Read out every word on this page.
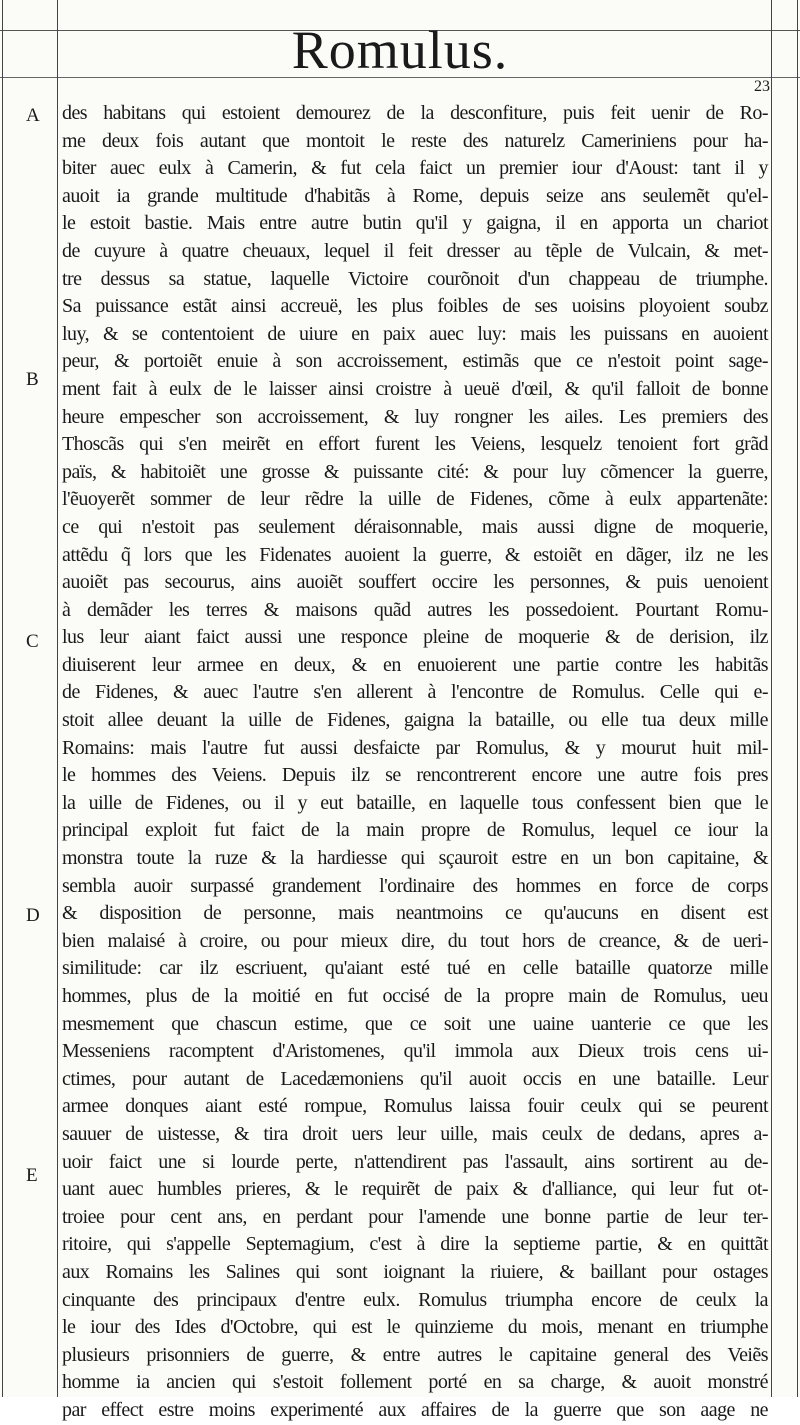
Romulus.
23
A
B
C
D
E
des habitans qui estoient demourez de la desconfiture, puis feit uenir de Ro-
me deux fois autant que montoit le reste des naturelz Cameriniens pour ha-
biter auec eulx à Camerin, & fut cela faict un premier iour d'Aoust: tant il y
auoit ia grande multitude d'habitãs à Rome, depuis seize ans seulemẽt qu'el-
le estoit bastie. Mais entre autre butin qu'il y gaigna, il en apporta un chariot
de cuyure à quatre cheuaux, lequel il feit dresser au tẽple de Vulcain, & met-
tre dessus sa statue, laquelle Victoire courõnoit d'un chappeau de triumphe.
Sa puissance estãt ainsi accreuë, les plus foibles de ses uoisins ployoient soubz
luy, & se contentoient de uiure en paix auec luy: mais les puissans en auoient
peur, & portoiẽt enuie à son accroissement, estimãs que ce n'estoit point sage-
ment fait à eulx de le laisser ainsi croistre à ueuë d'œil, & qu'il falloit de bonne
heure empescher son accroissement, & luy rongner les ailes. Les premiers des
Thoscãs qui s'en meirẽt en effort furent les Veiens, lesquelz tenoient fort grãd
païs, & habitoiẽt une grosse & puissante cité: & pour luy cõmencer la guerre,
l'ẽuoyerẽt sommer de leur rẽdre la uille de Fidenes, cõme à eulx appartenãte:
ce qui n'estoit pas seulement déraisonnable, mais aussi digne de moquerie,
attẽdu q̃ lors que les Fidenates auoient la guerre, & estoiẽt en dãger, ilz ne les
auoiẽt pas secourus, ains auoiẽt souffert occire les personnes, & puis uenoient
à demãder les terres & maisons quãd autres les possedoient. Pourtant Romu-
lus leur aiant faict aussi une responce pleine de moquerie & de derision, ilz
diuiserent leur armee en deux, & en enuoierent une partie contre les habitãs
de Fidenes, & auec l'autre s'en allerent à l'encontre de Romulus. Celle qui e-
stoit allee deuant la uille de Fidenes, gaigna la bataille, ou elle tua deux mille
Romains: mais l'autre fut aussi desfaicte par Romulus, & y mourut huit mil-
le hommes des Veiens. Depuis ilz se rencontrerent encore une autre fois pres
la uille de Fidenes, ou il y eut bataille, en laquelle tous confessent bien que le
principal exploit fut faict de la main propre de Romulus, lequel ce iour la
monstra toute la ruze & la hardiesse qui sçauroit estre en un bon capitaine, &
sembla auoir surpassé grandement l'ordinaire des hommes en force de corps
& disposition de personne, mais neantmoins ce qu'aucuns en disent est
bien malaisé à croire, ou pour mieux dire, du tout hors de creance, & de ueri-
similitude: car ilz escriuent, qu'aiant esté tué en celle bataille quatorze mille
hommes, plus de la moitié en fut occisé de la propre main de Romulus, ueu
mesmement que chascun estime, que ce soit une uaine uanterie ce que les
Messeniens racomptent d'Aristomenes, qu'il immola aux Dieux trois cens ui-
ctimes, pour autant de Lacedæmoniens qu'il auoit occis en une bataille. Leur
armee donques aiant esté rompue, Romulus laissa fouir ceulx qui se peurent
sauuer de uistesse, & tira droit uers leur uille, mais ceulx de dedans, apres a-
uoir faict une si lourde perte, n'attendirent pas l'assault, ains sortirent au de-
uant auec humbles prieres, & le requirẽt de paix & d'alliance, qui leur fut ot-
troiee pour cent ans, en perdant pour l'amende une bonne partie de leur ter-
ritoire, qui s'appelle Septemagium, c'est à dire la septieme partie, & en quittãt
aux Romains les Salines qui sont ioignant la riuiere, & baillant pour ostages
cinquante des principaux d'entre eulx. Romulus triumpha encore de ceulx la
le iour des Ides d'Octobre, qui est le quinzieme du mois, menant en triumphe
plusieurs prisonniers de guerre, & entre autres le capitaine general des Veiẽs
homme ia ancien qui s'estoit follement porté en sa charge, & auoit monstré
par effect estre moins experimenté aux affaires de la guerre que son aage ne
